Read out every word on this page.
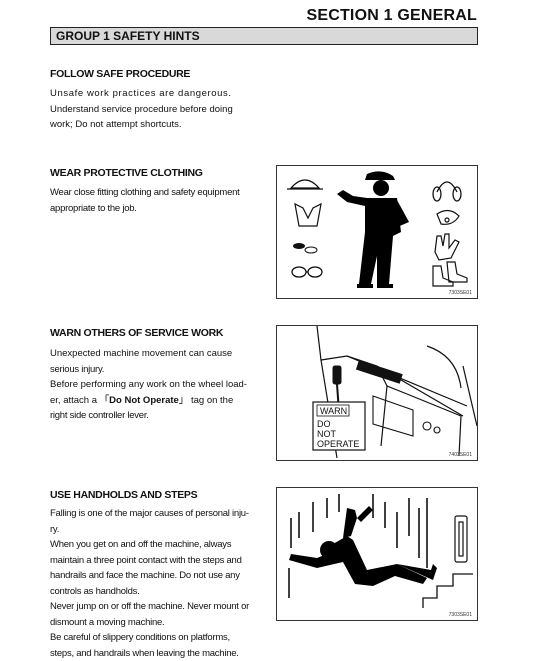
SECTION 1 GENERAL
GROUP 1 SAFETY HINTS
FOLLOW SAFE PROCEDURE

Unsafe work practices are dangerous.

Understand service procedure before doing

work; Do not attempt shortcuts.

WEAR PROTECTIVE CLOTHING

Wear close fitting clothing and safety equipment

appropriate to the job.

7303SE01
WARN OTHERS OF SERVICE WORK

Unexpected machine movement can cause

serious injury.

Before performing any work on the wheel load-

er, attach a 「Do Not Operate」 tag on the

right side controller lever.	WARN
DO
NOT
OPERATE
7403SE01
USE HANDHOLDS AND STEPS

Falling is one of the major causes of personal inju-

ry.

When you get on and off the machine, always

maintain a three point contact with the steps and

handrails and face the machine. Do not use any

controls as handholds.

Never jump on or off the machine. Never mount or

dismount a moving machine.

Be careful of slippery conditions on platforms,

steps, and handrails when leaving the machine.

7303SE01
